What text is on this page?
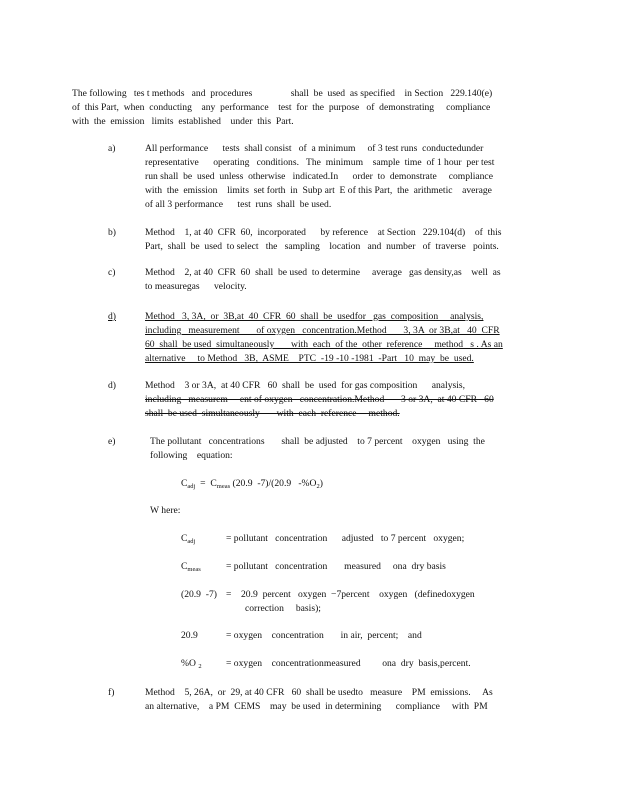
The following   tes t methods   and  procedures                shall  be  used  as specified    in Section   229.140(e)
of  this Part,  when  conducting    any  performance    test  for  the  purpose   of  demonstrating     compliance
with  the  emission   limits  established    under  this  Part.
a)	All performance      tests  shall consist   of  a minimum     of 3 test runs  conductedunder
representative      operating   conditions.   The  minimum    sample  time  of 1 hour  per test
run shall  be  used  unless  otherwise   indicated.In      order  to  demonstrate     compliance
with  the  emission    limits  set forth  in  Subp art  E of this Part,  the  arithmetic    average
of all 3 performance      test  runs  shall  be used.
b)	Method    1, at 40  CFR  60,  incorporated      by reference    at Section   229.104(d)    of  this
Part,  shall  be  used  to select   the   sampling    location   and  number   of  traverse   points.
c)	Method    2, at 40  CFR  60  shall  be used  to determine     average   gas density,as    well  as
to measuregas      velocity.
d)	Method   3, 3A,  or  3B,at  40  CFR  60  shall  be  usedfor   gas  composition     analysis,
including   measurement       of oxygen   concentration.Method       3, 3A  or 3B,at   40  CFR
60  shall  be used  simultaneously       with  each  of the  other  reference     method   s . As an
alternative     to Method   3B,  ASME    PTC  -19 -10 -1981  -Part   10  may  be  used.
d)	Method    3 or 3A,  at 40 CFR   60  shall  be  used  for gas composition      analysis,
including   measurem     ent of oxygen   concentration.Method       3 or 3A,  at 40 CFR   60
shall  be used  simultaneously       with  each  reference     method.
e)	The pollutant   concentrations       shall  be adjusted    to 7 percent    oxygen   using  the
following    equation:
$C_{adj} = C_{meas}$ (20.9  -7)/(20.9   $-\%O_2$)
W here:
$C_{adj}$	= pollutant   concentration      adjusted   to 7 percent   oxygen;
$C_{meas}$	= pollutant   concentration       measured     ona  dry basis
(20.9  -7) =    20.9  percent   oxygen  −7percent    oxygen   (definedoxygen
correction     basis);
20.9	= oxygen    concentration       in air,  percent;    and
%O $_2$	= oxygen    concentrationmeasured         ona  dry  basis,percent.
f)	Method    5, 26A,  or  29, at 40 CFR   60  shall be usedto   measure    PM  emissions.     As
an alternative,    a PM  CEMS    may  be used  in determining      compliance     with  PM
